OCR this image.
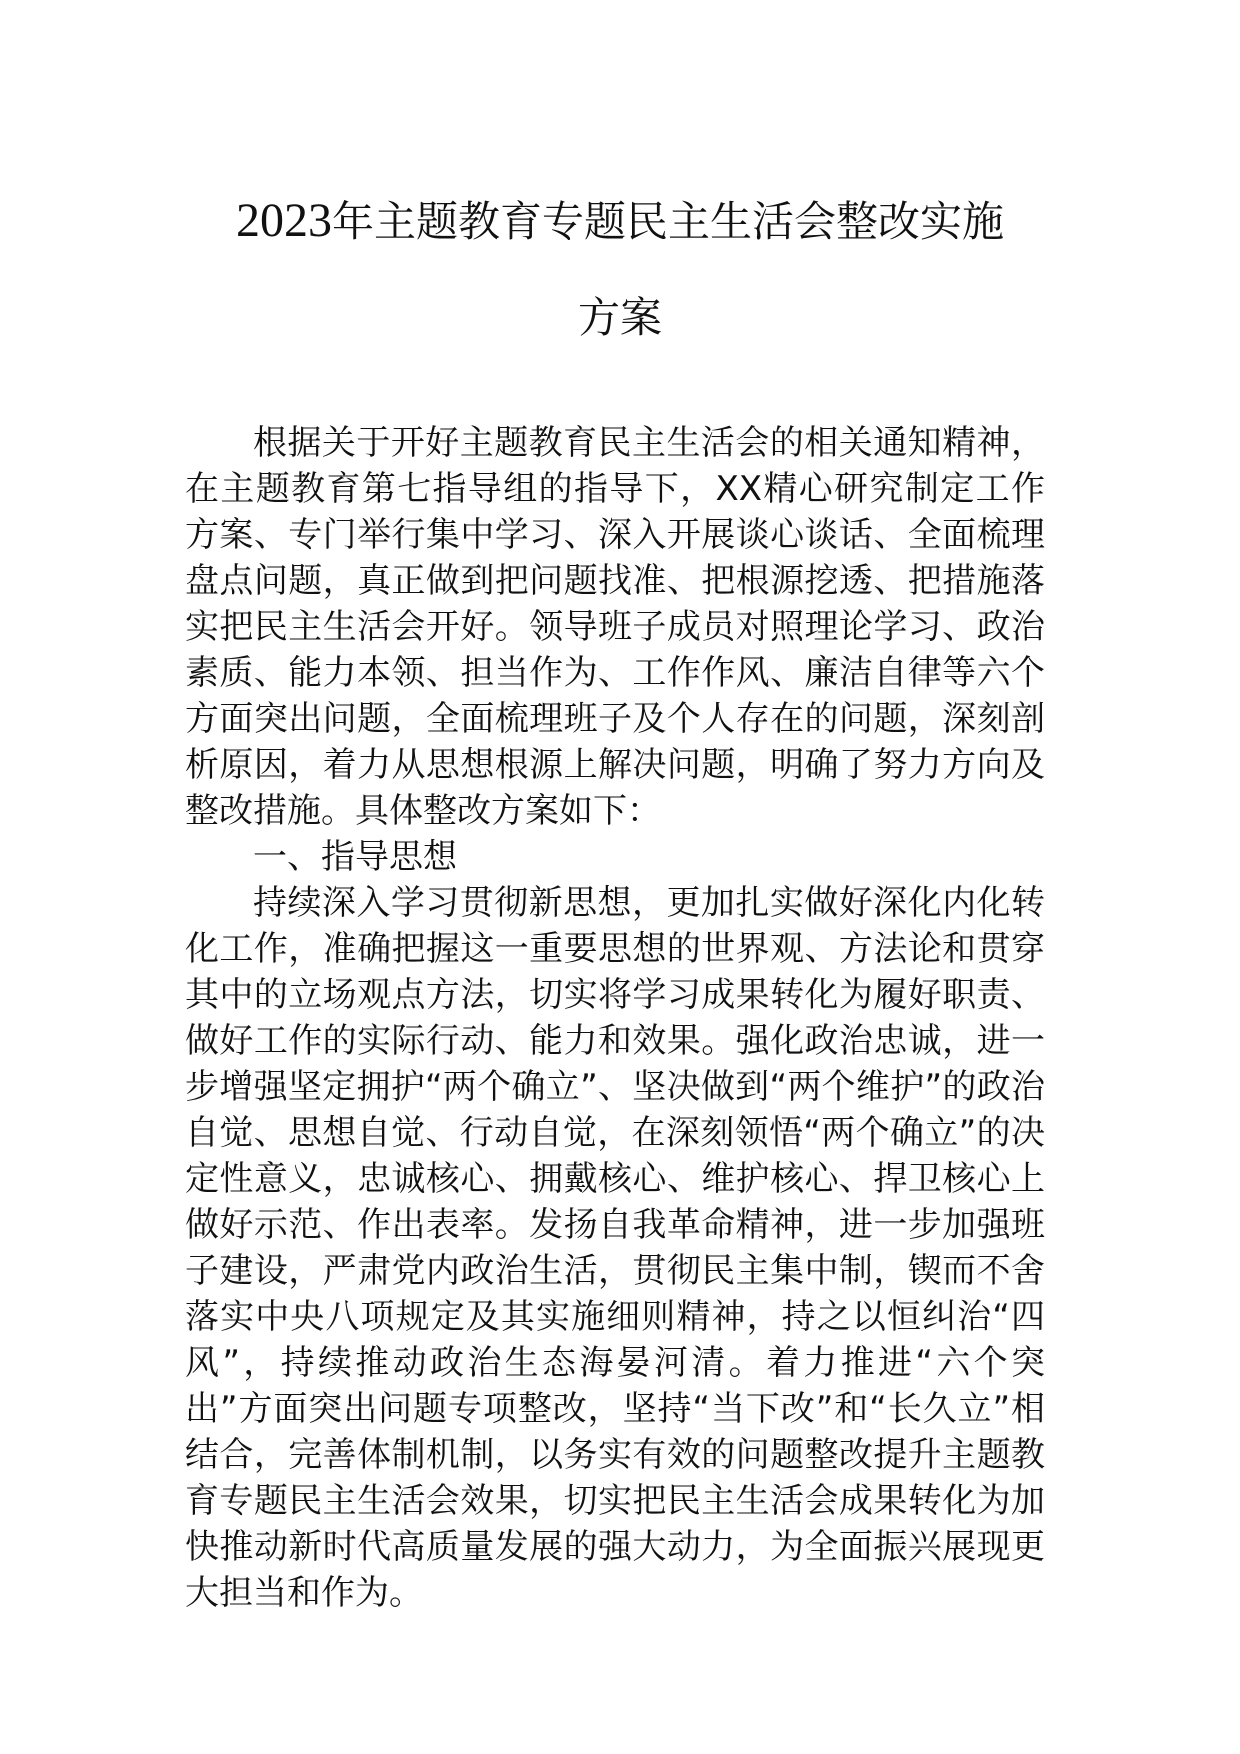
2023年主题教育专题民主生活会整改实施
方案

根据关于开好主题教育民主生活会的相关通知精神，在主题教育第七指导组的指导下，XX精心研究制定工作方案、专门举行集中学习、深入开展谈心谈话、全面梳理盘点问题，真正做到把问题找准、把根源挖透、把措施落实把民主生活会开好。领导班子成员对照理论学习、政治素质、能力本领、担当作为、工作作风、廉洁自律等六个方面突出问题，全面梳理班子及个人存在的问题，深刻剖析原因，着力从思想根源上解决问题，明确了努力方向及整改措施。具体整改方案如下：

一、指导思想

持续深入学习贯彻新思想，更加扎实做好深化内化转化工作，准确把握这一重要思想的世界观、方法论和贯穿其中的立场观点方法，切实将学习成果转化为履好职责、做好工作的实际行动、能力和效果。强化政治忠诚，进一步增强坚定拥护“两个确立”、坚决做到“两个维护”的政治自觉、思想自觉、行动自觉，在深刻领悟“两个确立”的决定性意义，忠诚核心、拥戴核心、维护核心、捍卫核心上做好示范、作出表率。发扬自我革命精神，进一步加强班子建设，严肃党内政治生活，贯彻民主集中制，锲而不舍落实中央八项规定及其实施细则精神，持之以恒纠治“四风”，持续推动政治生态海晏河清。着力推进“六个突出”方面突出问题专项整改，坚持“当下改”和“长久立”相结合，完善体制机制，以务实有效的问题整改提升主题教育专题民主生活会效果，切实把民主生活会成果转化为加快推动新时代高质量发展的强大动力，为全面振兴展现更大担当和作为。
